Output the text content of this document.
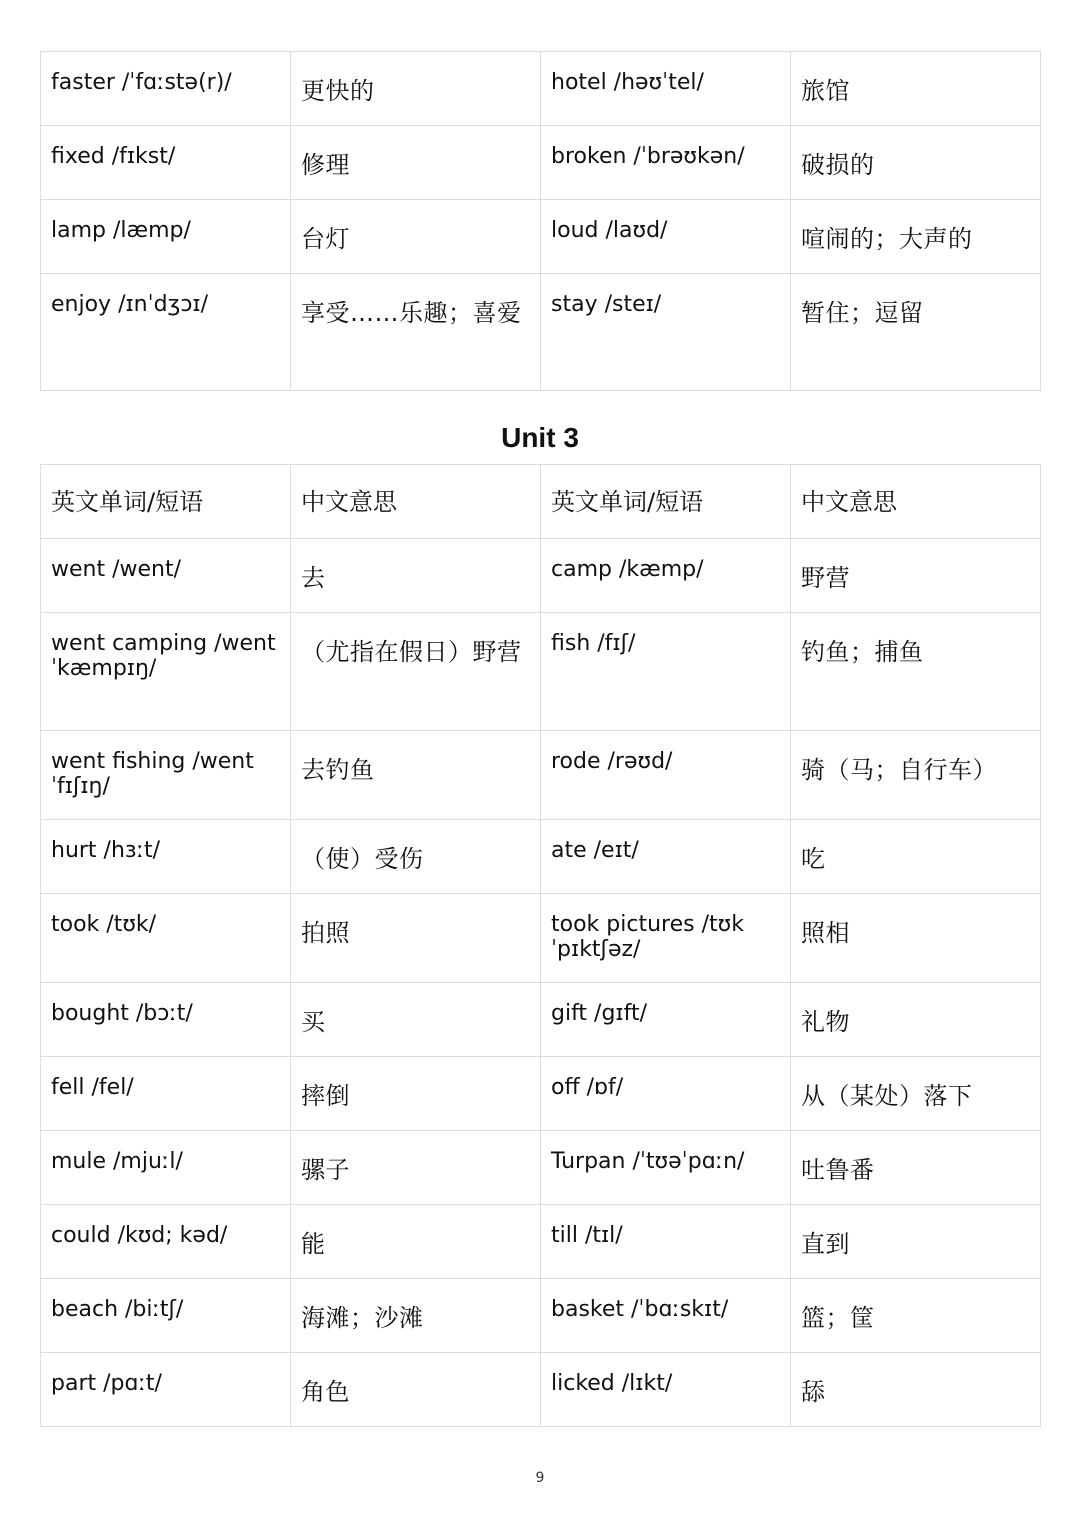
faster /ˈfɑːstə(r)/	更快的	hotel /həʊˈtel/	旅馆
fixed /fɪkst/	修理	broken /ˈbrəʊkən/	破损的
lamp /læmp/	台灯	loud /laʊd/	喧闹的；大声的
enjoy /ɪnˈdʒɔɪ/	享受……乐趣；喜爱	stay /steɪ/	暂住；逗留
Unit 3
英文单词/短语	中文意思	英文单词/短语	中文意思
went /went/	去	camp /kæmp/	野营
went camping /went ˈkæmpɪŋ/	（尤指在假日）野营	fish /fɪʃ/	钓鱼；捕鱼
went fishing /went ˈfɪʃɪŋ/	去钓鱼	rode /rəʊd/	骑（马；自行车）
hurt /hɜːt/	（使）受伤	ate /eɪt/	吃
took /tʊk/	拍照	took pictures /tʊk ˈpɪktʃəz/	照相
bought /bɔːt/	买	gift /gɪft/	礼物
fell /fel/	摔倒	off /ɒf/	从（某处）落下
mule /mjuːl/	骡子	Turpan /ˈtʊəˈpɑːn/	吐鲁番
could /kʊd; kəd/	能	till /tɪl/	直到
beach /biːtʃ/	海滩；沙滩	basket /ˈbɑːskɪt/	篮；筐
part /pɑːt/	角色	licked /lɪkt/	舔
9
